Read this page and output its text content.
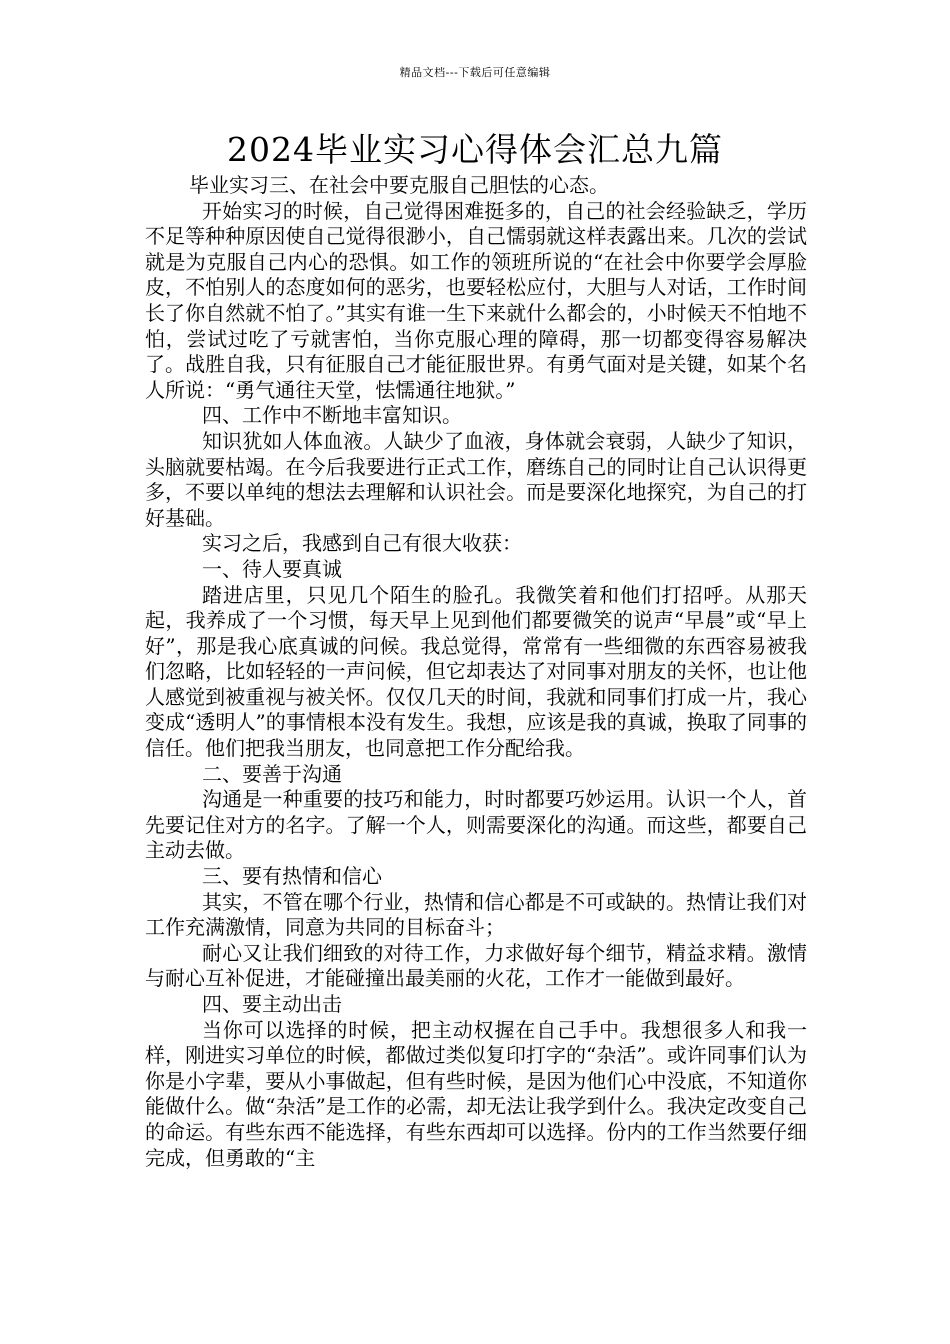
精品文档---下载后可任意编辑
2024毕业实习心得体会汇总九篇

毕业实习三、在社会中要克服自己胆怯的心态。

开始实习的时候，自己觉得困难挺多的，自己的社会经验缺乏，学历不足等种种原因使自己觉得很渺小，自己懦弱就这样表露出来。几次的尝试就是为克服自己内心的恐惧。如工作的领班所说的“在社会中你要学会厚脸皮，不怕别人的态度如何的恶劣，也要轻松应付，大胆与人对话，工作时间长了你自然就不怕了。”其实有谁一生下来就什么都会的，小时候天不怕地不怕，尝试过吃了亏就害怕，当你克服心理的障碍，那一切都变得容易解决了。战胜自我，只有征服自己才能征服世界。有勇气面对是关键，如某个名人所说：“勇气通往天堂，怯懦通往地狱。”

四、工作中不断地丰富知识。

知识犹如人体血液。人缺少了血液，身体就会衰弱，人缺少了知识，头脑就要枯竭。在今后我要进行正式工作，磨练自己的同时让自己认识得更多，不要以单纯的想法去理解和认识社会。而是要深化地探究，为自己的打好基础。

实习之后，我感到自己有很大收获：

一、待人要真诚

踏进店里，只见几个陌生的脸孔。我微笑着和他们打招呼。从那天起，我养成了一个习惯，每天早上见到他们都要微笑的说声“早晨”或“早上好”，那是我心底真诚的问候。我总觉得，常常有一些细微的东西容易被我们忽略，比如轻轻的一声问候，但它却表达了对同事对朋友的关怀，也让他人感觉到被重视与被关怀。仅仅几天的时间，我就和同事们打成一片，我心变成“透明人”的事情根本没有发生。我想，应该是我的真诚，换取了同事的信任。他们把我当朋友，也同意把工作分配给我。

二、要善于沟通

沟通是一种重要的技巧和能力，时时都要巧妙运用。认识一个人，首先要记住对方的名字。了解一个人，则需要深化的沟通。而这些，都要自己主动去做。

三、要有热情和信心

其实，不管在哪个行业，热情和信心都是不可或缺的。热情让我们对工作充满激情，同意为共同的目标奋斗；

耐心又让我们细致的对待工作，力求做好每个细节，精益求精。激情与耐心互补促进，才能碰撞出最美丽的火花，工作才一能做到最好。

四、要主动出击

当你可以选择的时候，把主动权握在自己手中。我想很多人和我一样，刚进实习单位的时候，都做过类似复印打字的“杂活”。或许同事们认为你是小字辈，要从小事做起，但有些时候，是因为他们心中没底，不知道你能做什么。做“杂活”是工作的必需，却无法让我学到什么。我决定改变自己的命运。有些东西不能选择，有些东西却可以选择。份内的工作当然要仔细完成，但勇敢的“主
